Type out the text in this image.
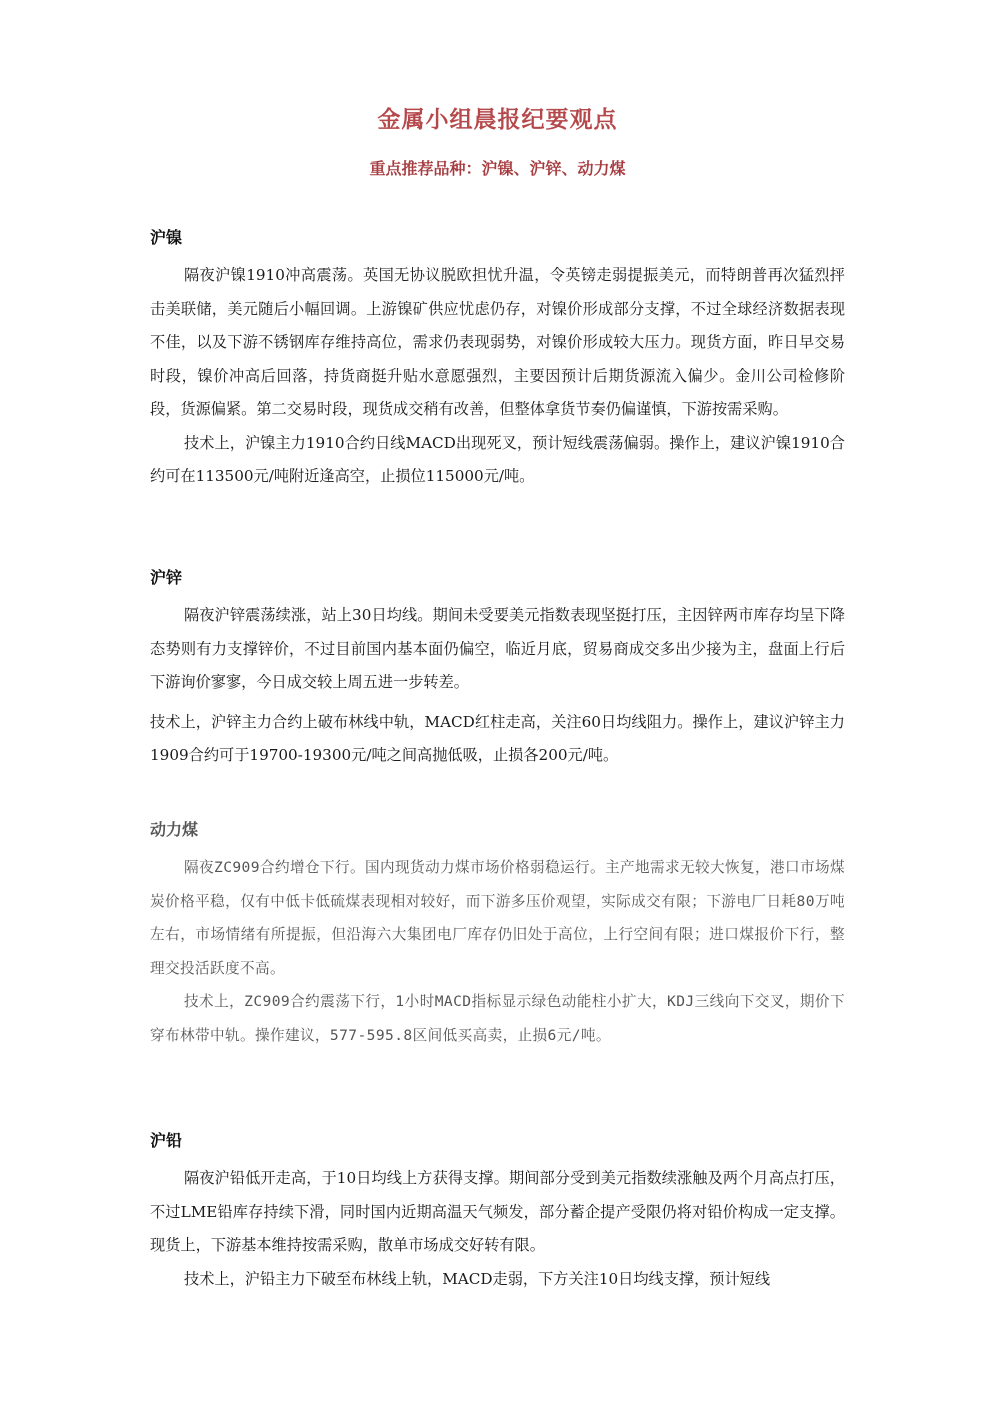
金属小组晨报纪要观点
重点推荐品种：沪镍、沪锌、动力煤

沪镍

隔夜沪镍1910冲高震荡。英国无协议脱欧担忧升温，令英镑走弱提振美元，而特朗普再次猛烈抨击美联储，美元随后小幅回调。上游镍矿供应忧虑仍存，对镍价形成部分支撑，不过全球经济数据表现不佳，以及下游不锈钢库存维持高位，需求仍表现弱势，对镍价形成较大压力。现货方面，昨日早交易时段，镍价冲高后回落，持货商挺升贴水意愿强烈，主要因预计后期货源流入偏少。金川公司检修阶段，货源偏紧。第二交易时段，现货成交稍有改善，但整体拿货节奏仍偏谨慎，下游按需采购。

技术上，沪镍主力1910合约日线MACD出现死叉，预计短线震荡偏弱。操作上，建议沪镍1910合约可在113500元/吨附近逢高空，止损位115000元/吨。

沪锌

隔夜沪锌震荡续涨，站上30日均线。期间未受要美元指数表现坚挺打压，主因锌两市库存均呈下降态势则有力支撑锌价，不过目前国内基本面仍偏空，临近月底，贸易商成交多出少接为主，盘面上行后下游询价寥寥，今日成交较上周五进一步转差。

技术上，沪锌主力合约上破布林线中轨，MACD红柱走高，关注60日均线阻力。操作上，建议沪锌主力1909合约可于19700-19300元/吨之间高抛低吸，止损各200元/吨。

动力煤

隔夜ZC909合约增仓下行。国内现货动力煤市场价格弱稳运行。主产地需求无较大恢复，港口市场煤炭价格平稳，仅有中低卡低硫煤表现相对较好，而下游多压价观望，实际成交有限；下游电厂日耗80万吨左右，市场情绪有所提振，但沿海六大集团电厂库存仍旧处于高位，上行空间有限；进口煤报价下行，整理交投活跃度不高。

技术上，ZC909合约震荡下行，1小时MACD指标显示绿色动能柱小扩大，KDJ三线向下交叉，期价下穿布林带中轨。操作建议，577-595.8区间低买高卖，止损6元/吨。

沪铅

隔夜沪铅低开走高，于10日均线上方获得支撑。期间部分受到美元指数续涨触及两个月高点打压，不过LME铅库存持续下滑，同时国内近期高温天气频发，部分蓄企提产受限仍将对铅价构成一定支撑。现货上，下游基本维持按需采购，散单市场成交好转有限。

技术上，沪铅主力下破至布林线上轨，MACD走弱，下方关注10日均线支撑，预计短线
